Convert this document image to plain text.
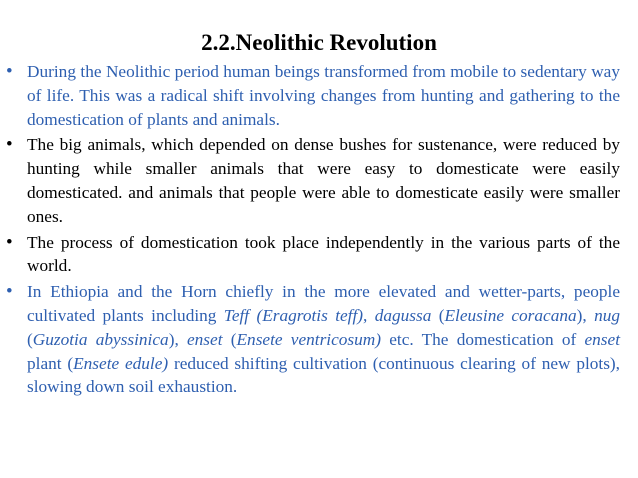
2.2.Neolithic Revolution
• During the Neolithic period human beings transformed from mobile to sedentary way of life. This was a radical shift involving changes from hunting and gathering to the domestication of plants and animals.
• The big animals, which depended on dense bushes for sustenance, were reduced by hunting while smaller animals that were easy to domesticate were easily domesticated. and animals that people were able to domesticate easily were smaller ones.
• The process of domestication took place independently in the various parts of the world.
• In Ethiopia and the Horn chiefly in the more elevated and wetter-parts, people cultivated plants including Teff (Eragrotis teff), dagussa (Eleusine coracana), nug (Guzotia abyssinica), enset (Ensete ventricosum) etc. The domestication of enset plant (Ensete edule) reduced shifting cultivation (continuous clearing of new plots), slowing down soil exhaustion.
